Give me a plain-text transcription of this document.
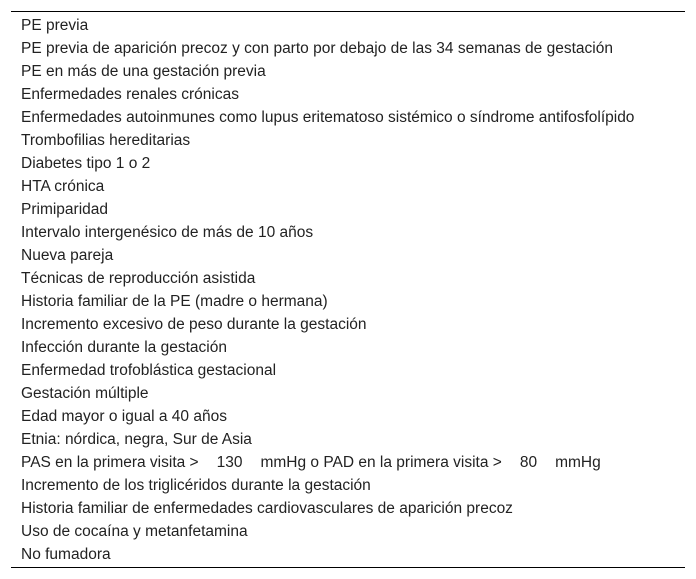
PE previa
PE previa de aparición precoz y con parto por debajo de las 34 semanas de gestación
PE en más de una gestación previa
Enfermedades renales crónicas
Enfermedades autoinmunes como lupus eritematoso sistémico o síndrome antifosfolípido
Trombofilias hereditarias
Diabetes tipo 1 o 2
HTA crónica
Primiparidad
Intervalo intergenésico de más de 10 años
Nueva pareja
Técnicas de reproducción asistida
Historia familiar de la PE (madre o hermana)
Incremento excesivo de peso durante la gestación
Infección durante la gestación
Enfermedad trofoblástica gestacional
Gestación múltiple
Edad mayor o igual a 40 años
Etnia: nórdica, negra, Sur de Asia
PAS en la primera visita > 130 mmHg o PAD en la primera visita > 80 mmHg
Incremento de los triglicéridos durante la gestación
Historia familiar de enfermedades cardiovasculares de aparición precoz
Uso de cocaína y metanfetamina
No fumadora
